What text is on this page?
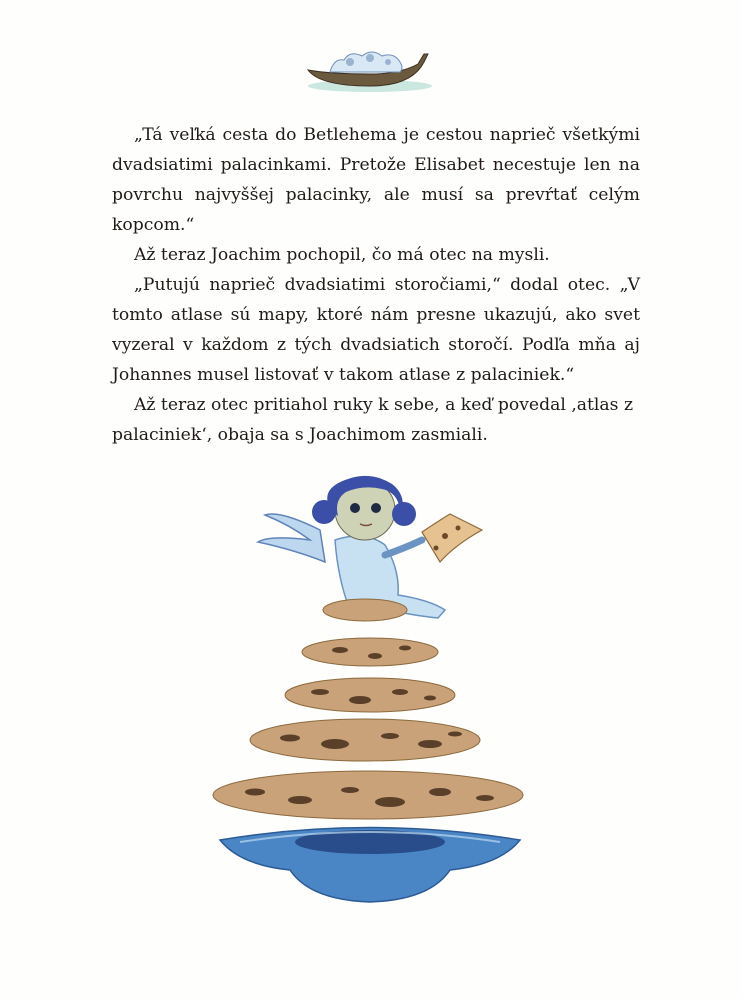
„Tá veľká cesta do Betlehema je cestou naprieč všetkými dvadsiatimi palacinkami. Pretože Elisabet necestuje len na povrchu najvyššej palacinky, ale musí sa prevŕtať celým kopcom.“

Až teraz Joachim pochopil, čo má otec na mysli.

„Putujú naprieč dvadsiatimi storočiami,“ dodal otec. „V tomto atlase sú mapy, ktoré nám presne ukazujú, ako svet vyzeral v každom z tých dvadsiatich storočí. Podľa mňa aj Johannes musel listovať v takom atlase z palaciniek.“

Až teraz otec pritiahol ruky k sebe, a keď povedal ‚atlas z palaciniek‘, obaja sa s Joachimom zasmiali.
